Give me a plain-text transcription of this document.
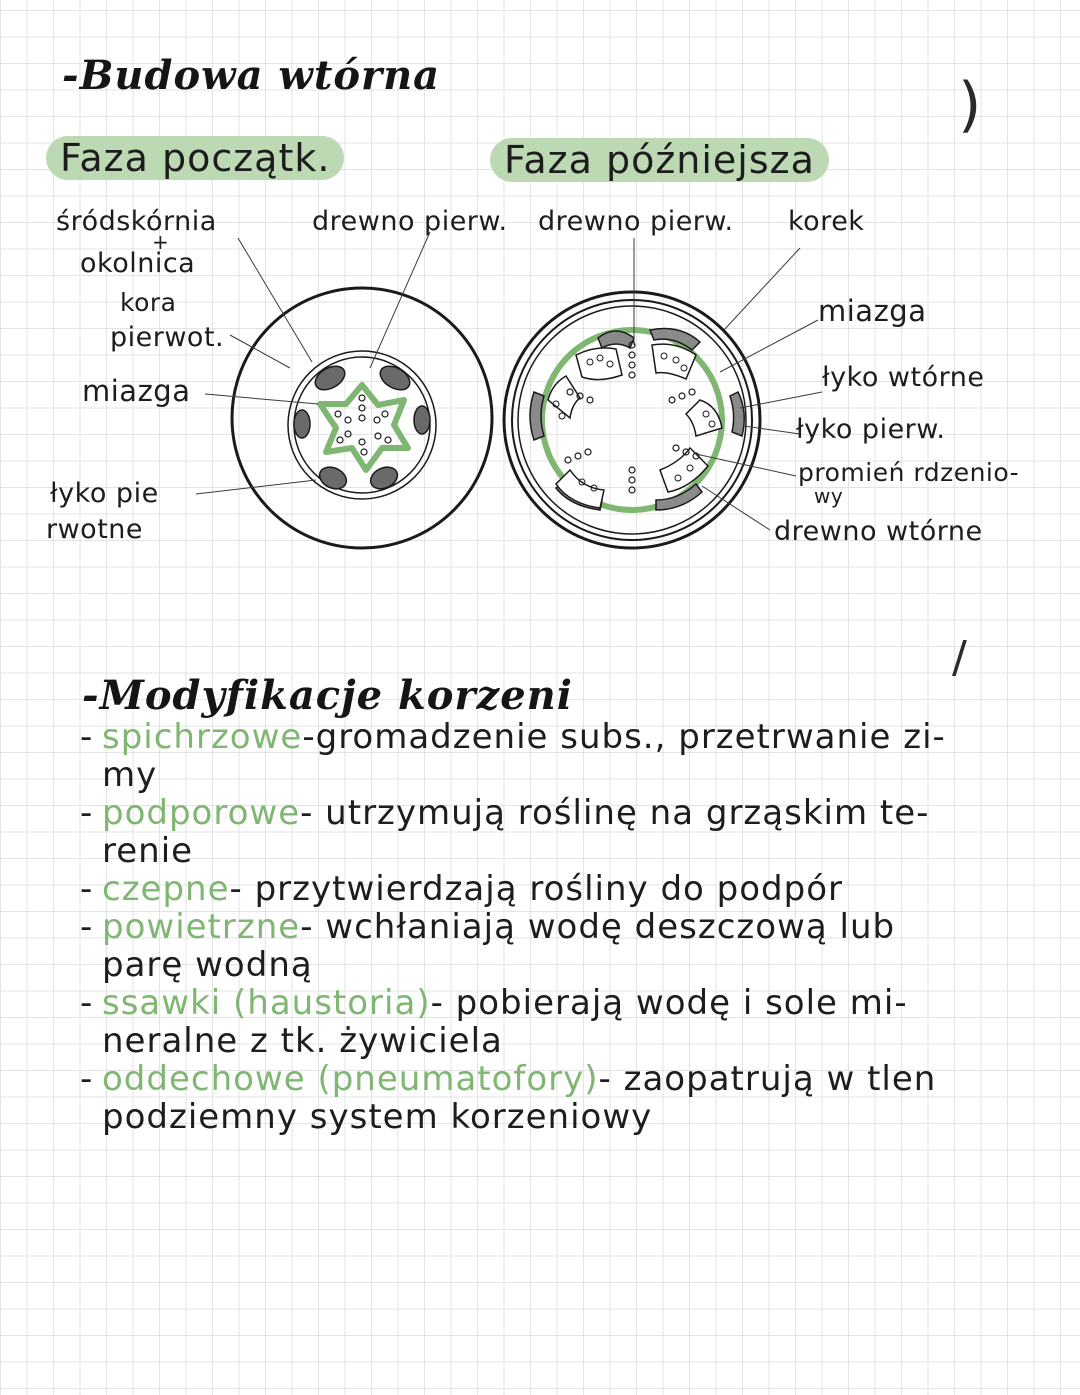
-Budowa wtórna
Faza początk.	Faza późniejsza
śródskórnia
+
okolnica
kora
pierwot.
miazga
łyko pie
rwotne
drewno pierw. drewno pierw. korek
miazga
łyko wtórne
łyko pierw.
promień rdzenio-
wy
drewno wtórne
)
/
-Modyfikacje korzeni
- spichrzowe-gromadzenie subs., przetrwanie zi-
my
- podporowe- utrzymują roślinę na grząskim te-
renie
- czepne- przytwierdzają rośliny do podpór
- powietrzne- wchłaniają wodę deszczową lub
parę wodną
- ssawki (haustoria)- pobierają wodę i sole mi-
neralne z tk. żywiciela
- oddechowe (pneumatofory)- zaopatrują w tlen
podziemny system korzeniowy
